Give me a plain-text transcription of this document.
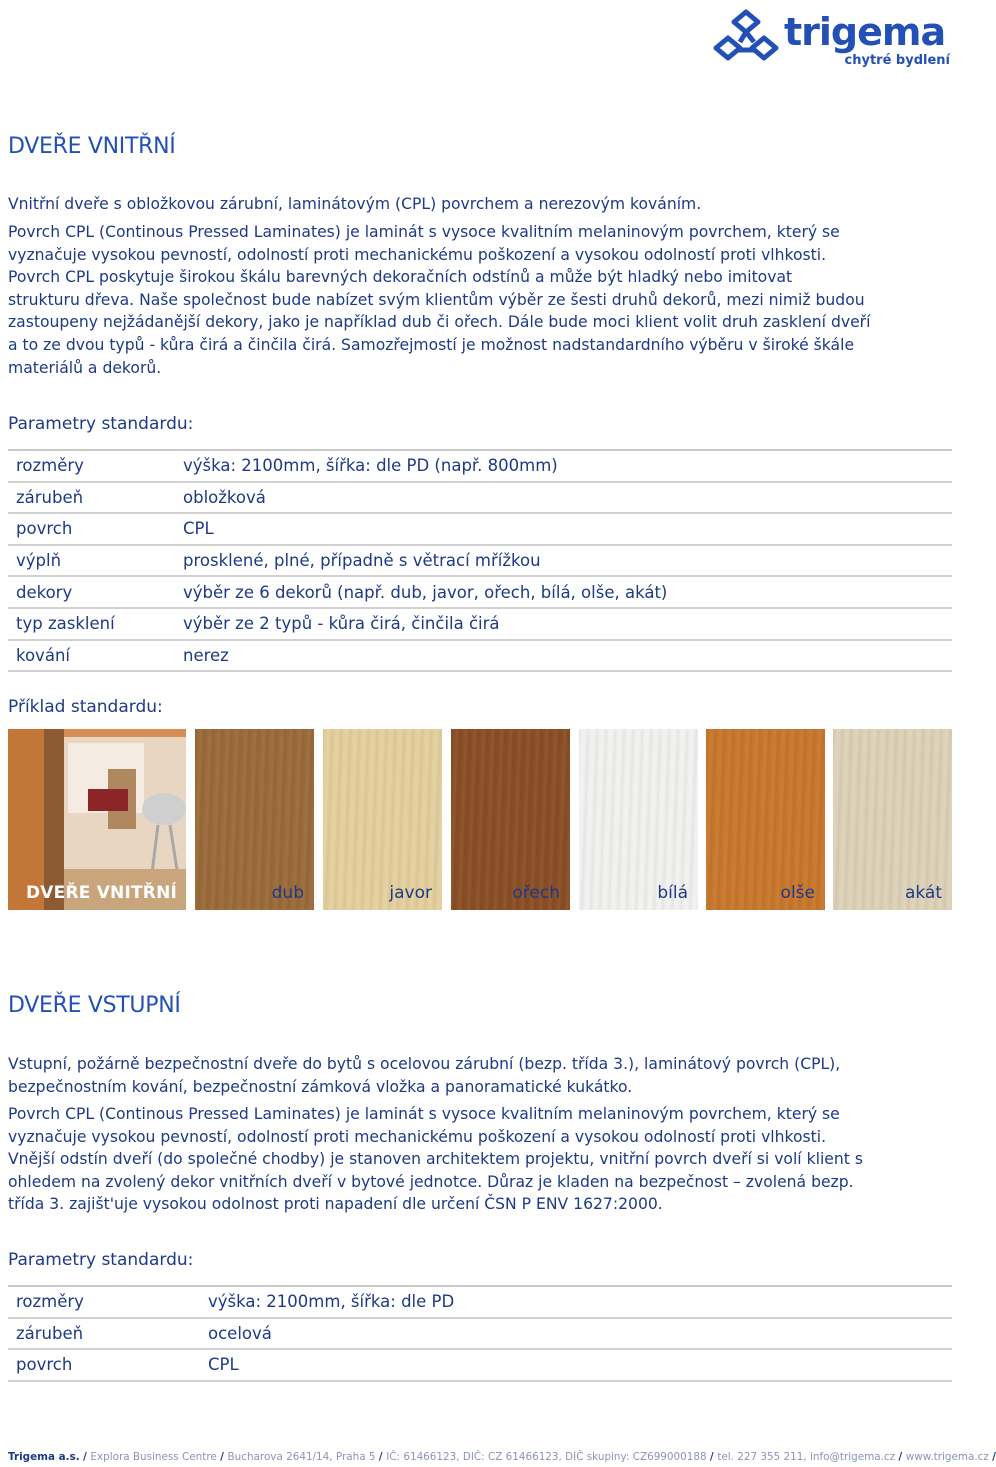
trigema
chytré bydlení
DVEŘE VNITŘNÍ
Vnitřní dveře s obložkovou zárubní, laminátovým (CPL) povrchem a nerezovým kováním.
Povrch CPL (Continous Pressed Laminates) je laminát s vysoce kvalitním melaninovým povrchem, který se
vyznačuje vysokou pevností, odolností proti mechanickému poškození a vysokou odolností proti vlhkosti.
Povrch CPL poskytuje širokou škálu barevných dekoračních odstínů a může být hladký nebo imitovat
strukturu dřeva. Naše společnost bude nabízet svým klientům výběr ze šesti druhů dekorů, mezi nimiž budou
zastoupeny nejžádanější dekory, jako je například dub či ořech. Dále bude moci klient volit druh zasklení dveří
a to ze dvou typů - kůra čirá a činčila čirá. Samozřejmostí je možnost nadstandardního výběru v široké škále
materiálů a dekorů.
Parametry standardu:
rozměry	výška: 2100mm, šířka: dle PD (např. 800mm)
zárubeň	obložková
povrch	CPL
výplň	prosklené, plné, případně s větrací mřížkou
dekory	výběr ze 6 dekorů (např. dub, javor, ořech, bílá, olše, akát)
typ zasklení	výběr ze 2 typů - kůra čirá, činčila čirá
kování	nerez
Příklad standardu:
DVEŘE VNITŘNÍ	dub	javor	ořech	bílá	olše	akát
DVEŘE VSTUPNÍ
Vstupní, požárně bezpečnostní dveře do bytů s ocelovou zárubní (bezp. třída 3.), laminátový povrch (CPL),
bezpečnostním kování, bezpečnostní zámková vložka a panoramatické kukátko.
Povrch CPL (Continous Pressed Laminates) je laminát s vysoce kvalitním melaninovým povrchem, který se
vyznačuje vysokou pevností, odolností proti mechanickému poškození a vysokou odolností proti vlhkosti.
Vnější odstín dveří (do společné chodby) je stanoven architektem projektu, vnitřní povrch dveří si volí klient s
ohledem na zvolený dekor vnitřních dveří v bytové jednotce. Důraz je kladen na bezpečnost – zvolená bezp.
třída 3. zajišt'uje vysokou odolnost proti napadení dle určení ČSN P ENV 1627:2000.
Parametry standardu:
rozměry	výška: 2100mm, šířka: dle PD
zárubeň	ocelová
povrch	CPL
Trigema a.s. / Explora Business Centre / Bucharova 2641/14, Praha 5 / IČ: 61466123, DIČ: CZ 61466123, DIČ skupiny: CZ699000188 / tel. 227 355 211, info@trigema.cz / www.trigema.cz /
